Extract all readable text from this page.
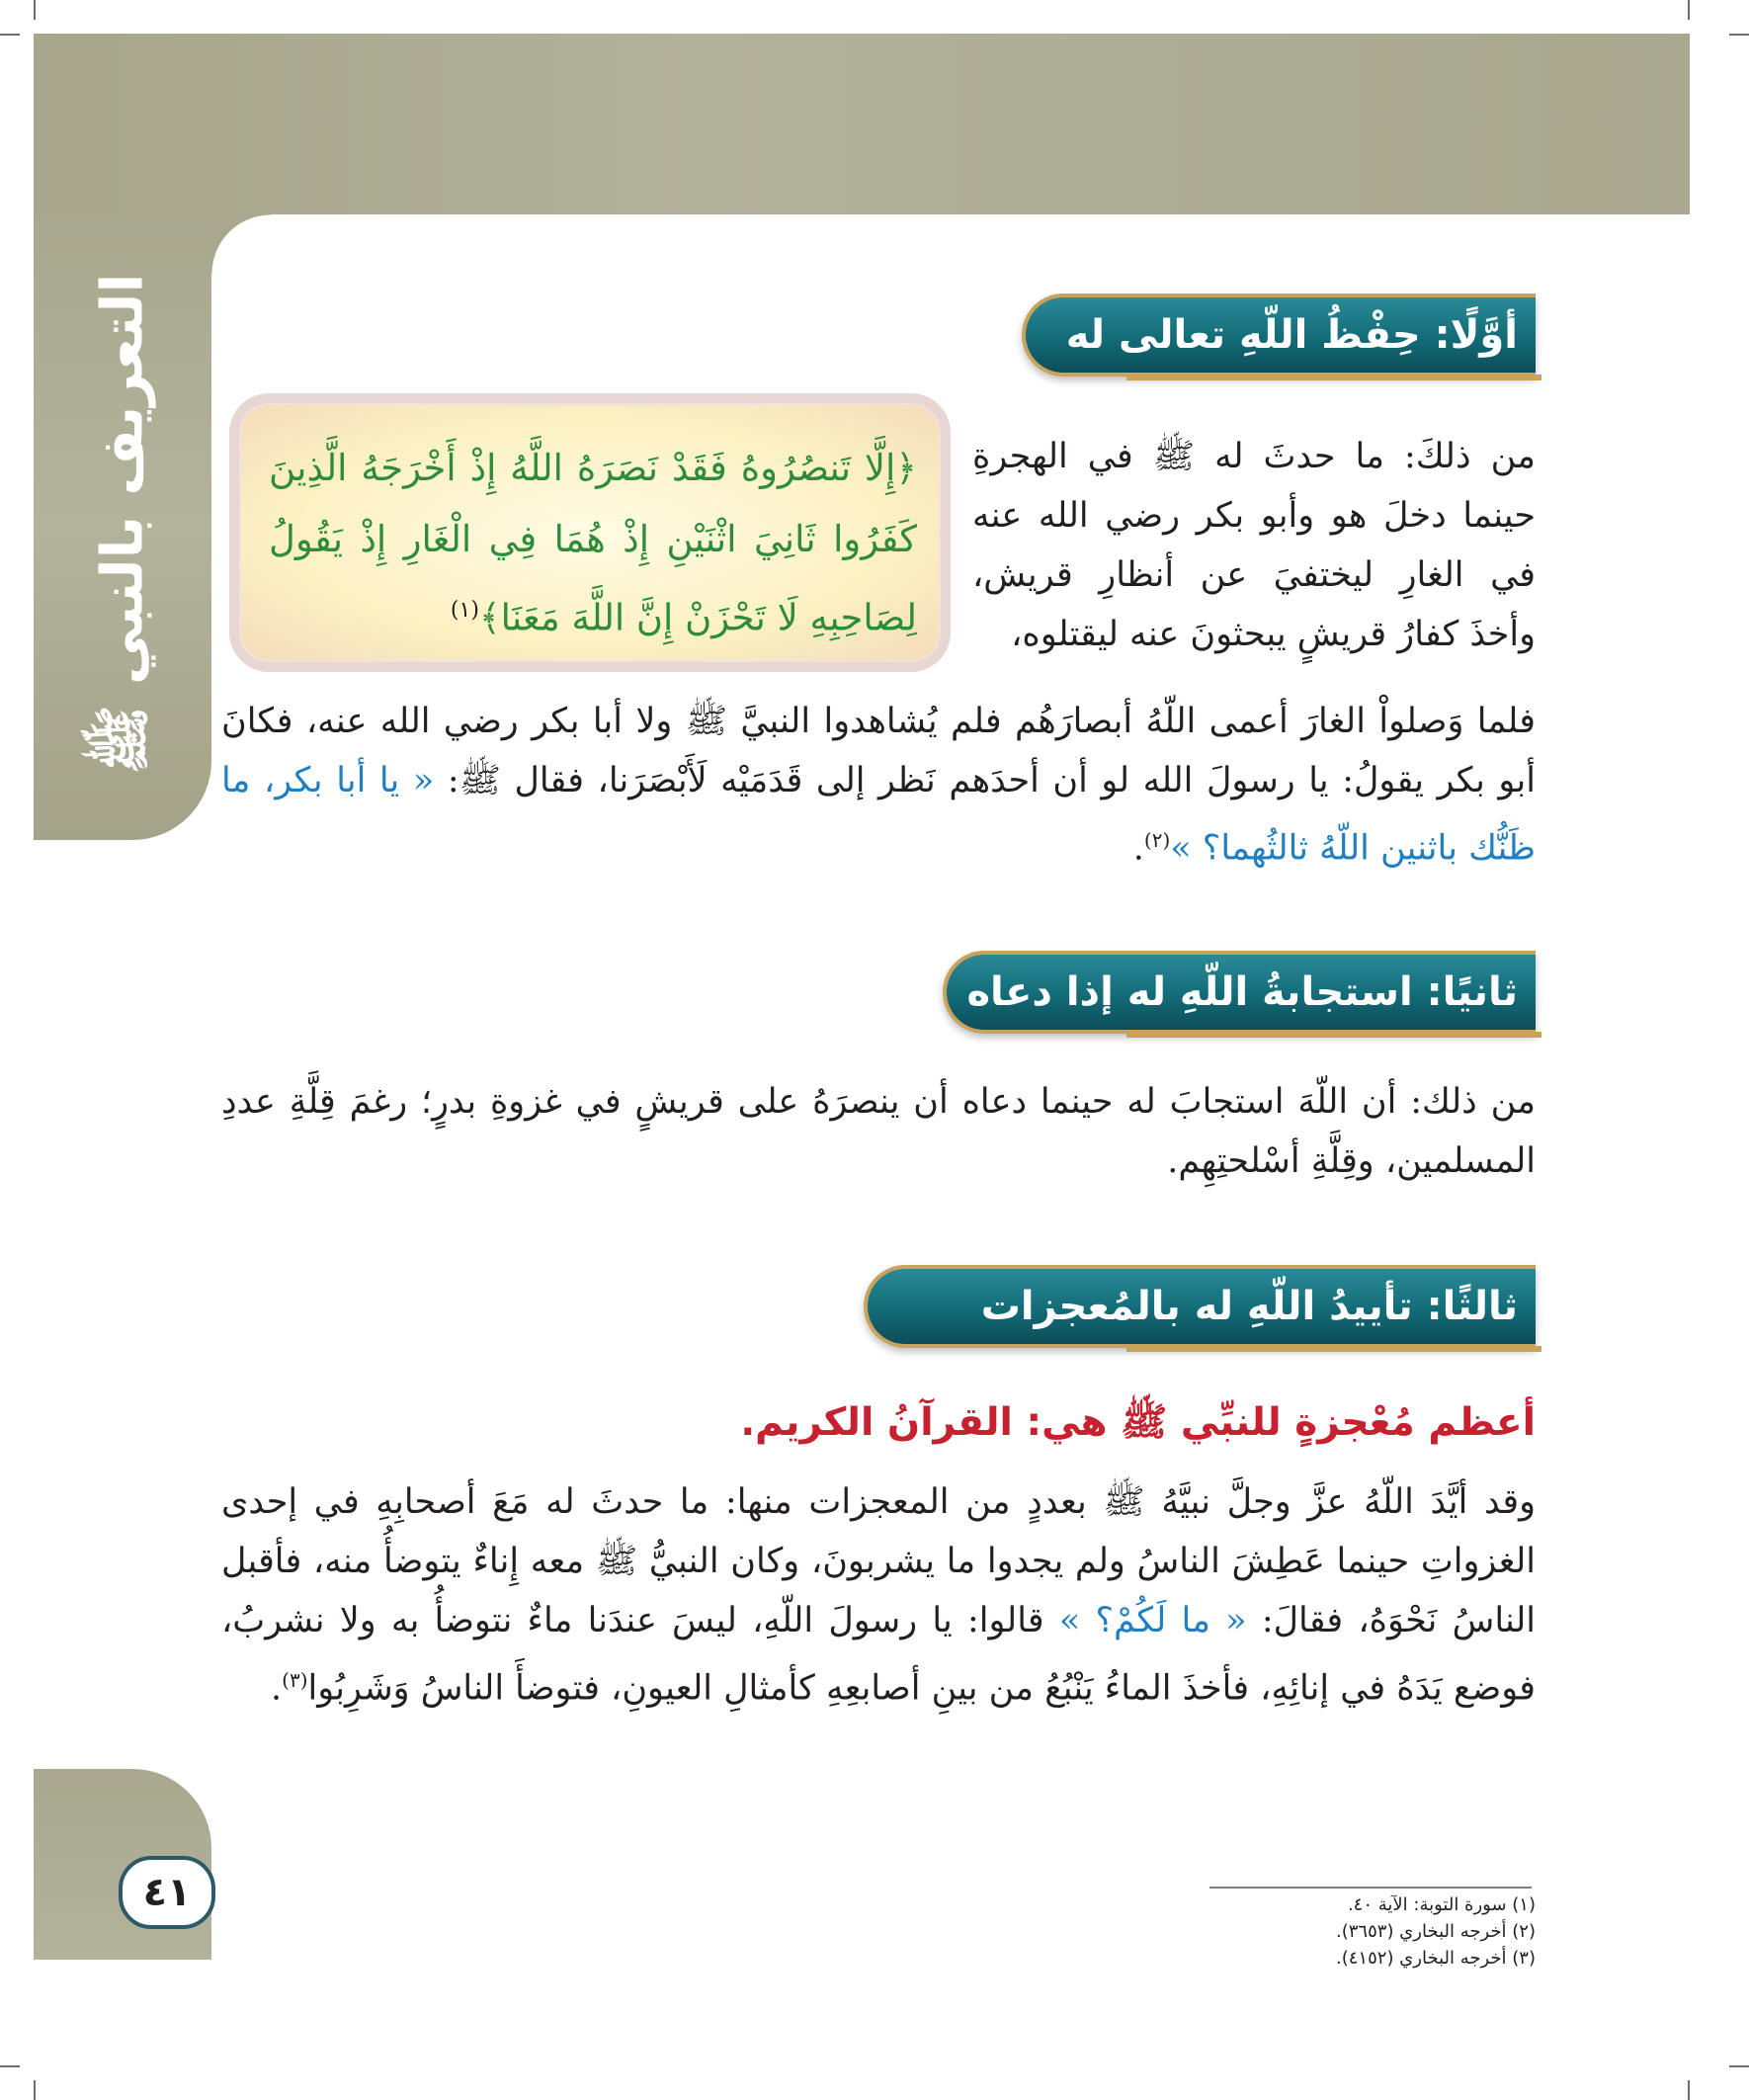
التعريف بالنبي ﷺ
٤١
أوَّلًا: حِفْظُ اللّهِ تعالى له
﴿إِلَّا تَنصُرُوهُ فَقَدْ نَصَرَهُ اللَّهُ إِذْ أَخْرَجَهُ الَّذِينَ كَفَرُوا ثَانِيَ اثْنَيْنِ إِذْ هُمَا فِي الْغَارِ إِذْ يَقُولُ لِصَاحِبِهِ لَا تَحْزَنْ إِنَّ اللَّهَ مَعَنَا﴾$^{(١)}$
من ذلكَ: ما حدثَ له ﷺ في الهجرةِ حينما دخلَ هو وأبو بكر رضي الله عنه في الغارِ ليختفيَ عن أنظارِ قريش، وأخذَ كفارُ قريشٍ يبحثونَ عنه ليقتلوه،
فلما وَصلواْ الغارَ أعمى اللّهُ أبصارَهُم فلم يُشاهدوا النبيَّ ﷺ ولا أبا بكر رضي الله عنه، فكانَ أبو بكر يقولُ: يا رسولَ الله لو أن أحدَهم نَظر إلى قَدَمَيْه لَأَبْصَرَنا، فقال ﷺ: « يا أبا بكر، ما ظَنُّك باثنين اللّهُ ثالثُهما؟ »$^{(٢)}$.
ثانيًا: استجابةُ اللّهِ له إذا دعاه
من ذلك: أن اللّهَ استجابَ له حينما دعاه أن ينصرَهُ على قريشٍ في غزوةِ بدرٍ؛ رغمَ قِلَّةِ عددِ المسلمين، وقِلَّةِ أسْلحتِهِم.
ثالثًا: تأييدُ اللّهِ له بالمُعجزات
أعظم مُعْجزةٍ للنبِّي ﷺ هي: القرآنُ الكريم.
وقد أيَّدَ اللّهُ عزَّ وجلَّ نبيَّهُ ﷺ بعددٍ من المعجزات منها: ما حدثَ له مَعَ أصحابِهِ في إحدى الغزواتِ حينما عَطِشَ الناسُ ولم يجدوا ما يشربونَ، وكان النبيُّ ﷺ معه إِناءٌ يتوضأُ منه، فأقبل الناسُ نَحْوَهُ، فقالَ: « ما لَكُمْ؟ » قالوا: يا رسولَ اللّهِ، ليسَ عندَنا ماءٌ نتوضأُ به ولا نشربُ، فوضع يَدَهُ في إنائِهِ، فأخذَ الماءُ يَنْبُعُ من بينِ أصابعِهِ كأمثالِ العيونِ، فتوضأَ الناسُ وَشَرِبُوا$^{(٣)}$.
(١) سورة التوبة: الآية ٤٠.
(٢) أخرجه البخاري (٣٦٥٣).
(٣) أخرجه البخاري (٤١٥٢).
